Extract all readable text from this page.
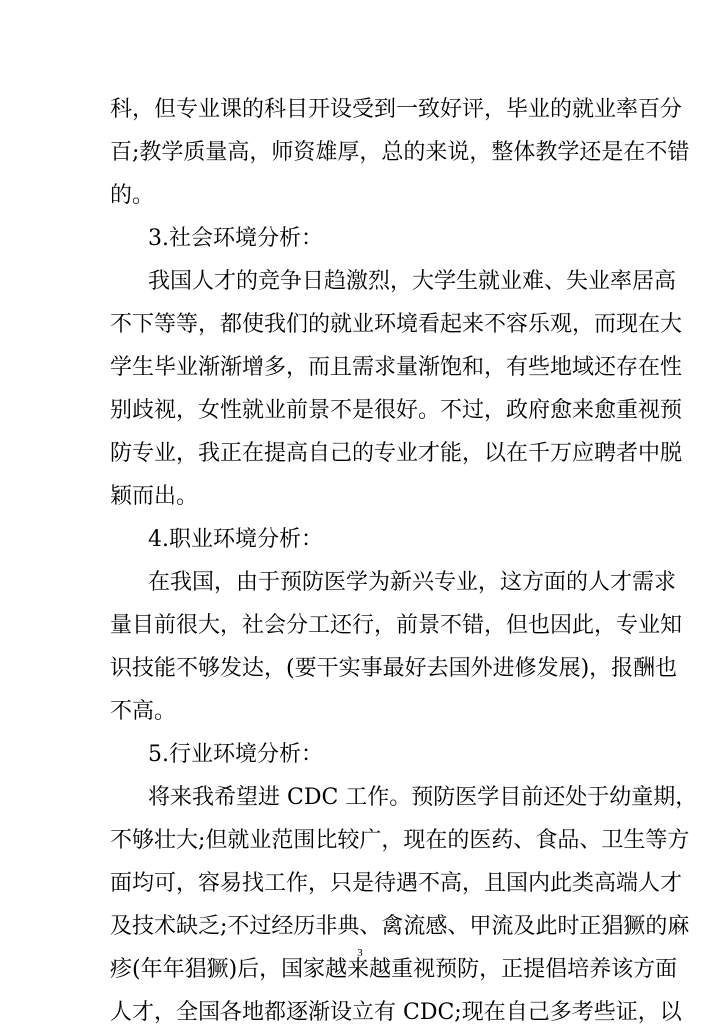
科，但专业课的科目开设受到一致好评，毕业的就业率百分
百;教学质量高，师资雄厚，总的来说，整体教学还是在不错
的。
3.社会环境分析：
我国人才的竞争日趋激烈，大学生就业难、失业率居高
不下等等，都使我们的就业环境看起来不容乐观，而现在大
学生毕业渐渐增多，而且需求量渐饱和，有些地域还存在性
别歧视，女性就业前景不是很好。不过，政府愈来愈重视预
防专业，我正在提高自己的专业才能，以在千万应聘者中脱
颖而出。
4.职业环境分析：
在我国，由于预防医学为新兴专业，这方面的人才需求
量目前很大，社会分工还行，前景不错，但也因此，专业知
识技能不够发达，(要干实事最好去国外进修发展)，报酬也
不高。
5.行业环境分析：
将来我希望进 CDC 工作。预防医学目前还处于幼童期，
不够壮大;但就业范围比较广，现在的医药、食品、卫生等方
面均可，容易找工作，只是待遇不高，且国内此类高端人才
及技术缺乏;不过经历非典、禽流感、甲流及此时正猖獗的麻
疹(年年猖獗)后，国家越来越重视预防，正提倡培养该方面
人才，全国各地都逐渐设立有 CDC;现在自己多考些证，以
3
